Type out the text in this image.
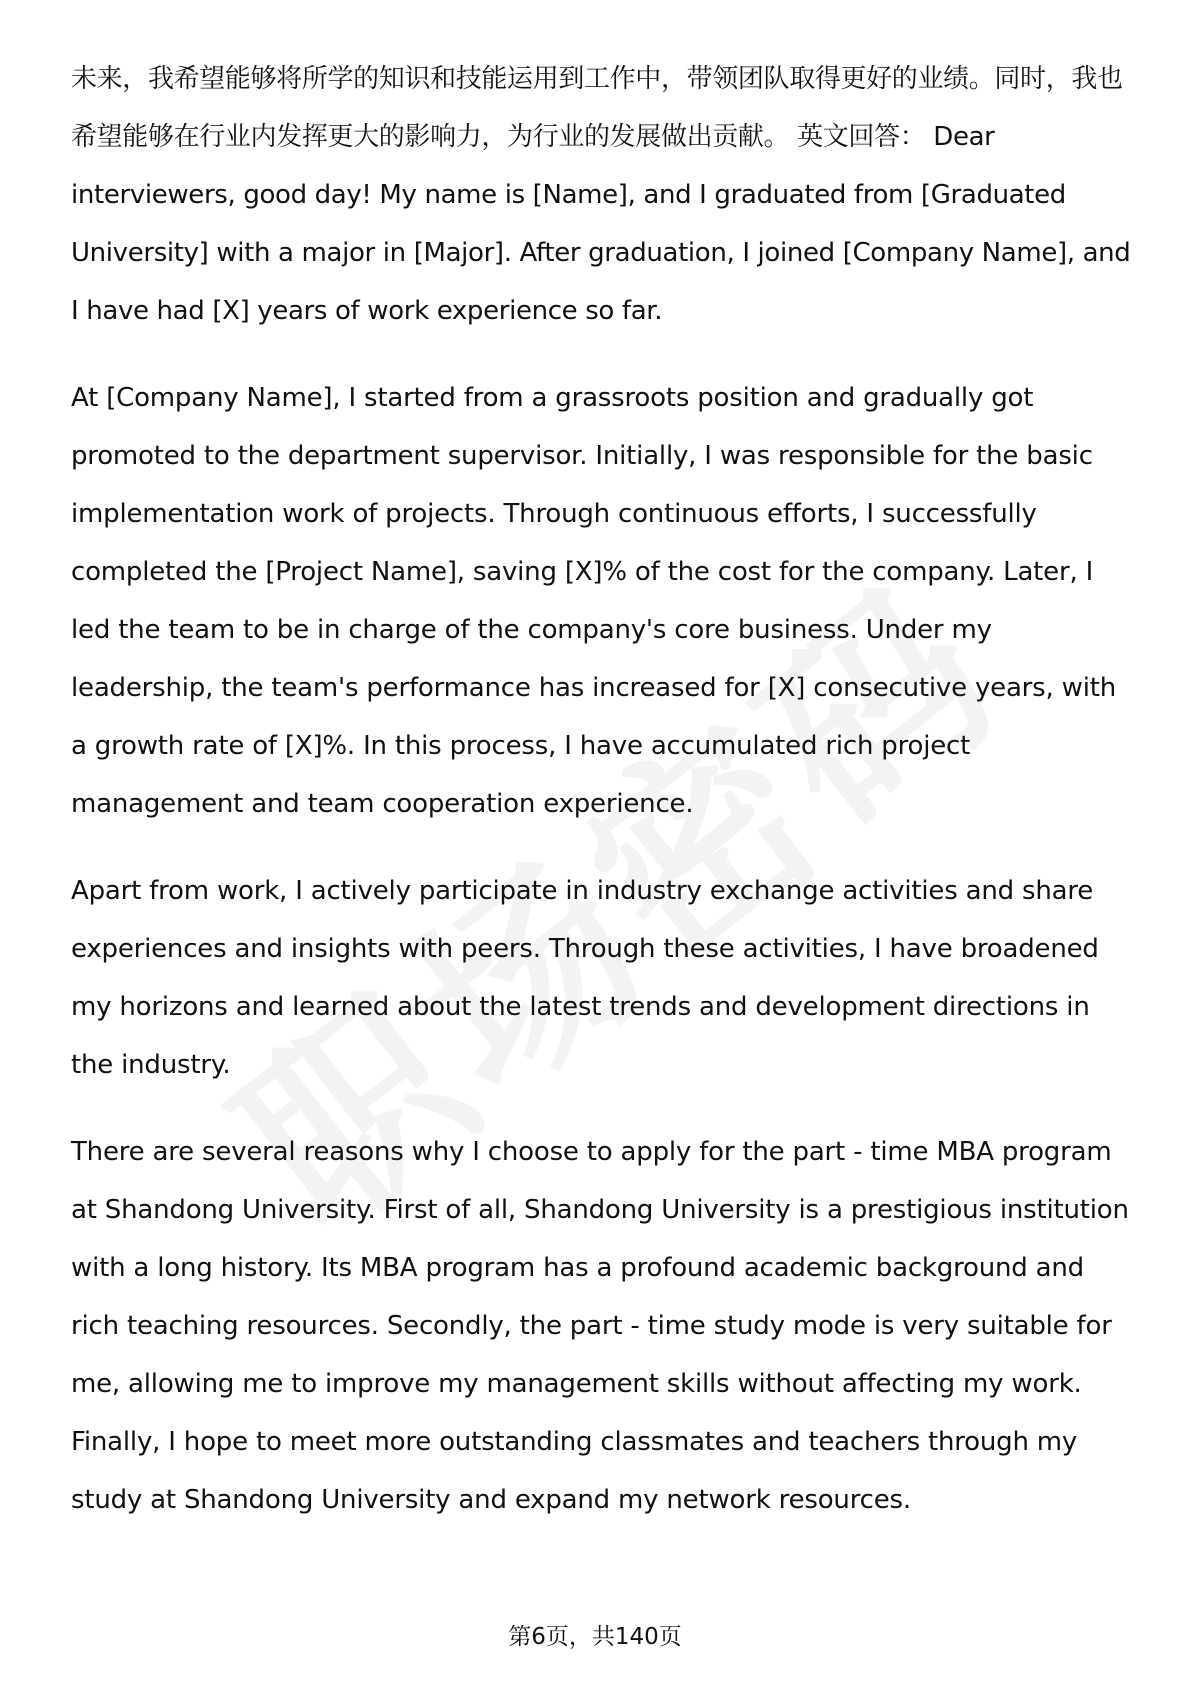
未来，我希望能够将所学的知识和技能运用到工作中，带领团队取得更好的业绩。同时，我也希望能够在行业内发挥更大的影响力，为行业的发展做出贡献。 英文回答： Dear interviewers, good day! My name is [Name], and I graduated from [Graduated University] with a major in [Major]. After graduation, I joined [Company Name], and I have had [X] years of work experience so far.

At [Company Name], I started from a grassroots position and gradually got promoted to the department supervisor. Initially, I was responsible for the basic implementation work of projects. Through continuous efforts, I successfully completed the [Project Name], saving [X]% of the cost for the company. Later, I led the team to be in charge of the company's core business. Under my leadership, the team's performance has increased for [X] consecutive years, with a growth rate of [X]%. In this process, I have accumulated rich project management and team cooperation experience.

Apart from work, I actively participate in industry exchange activities and share experiences and insights with peers. Through these activities, I have broadened my horizons and learned about the latest trends and development directions in the industry.

There are several reasons why I choose to apply for the part - time MBA program at Shandong University. First of all, Shandong University is a prestigious institution with a long history. Its MBA program has a profound academic background and rich teaching resources. Secondly, the part - time study mode is very suitable for me, allowing me to improve my management skills without affecting my work. Finally, I hope to meet more outstanding classmates and teachers through my study at Shandong University and expand my network resources.

第6页，共140页
